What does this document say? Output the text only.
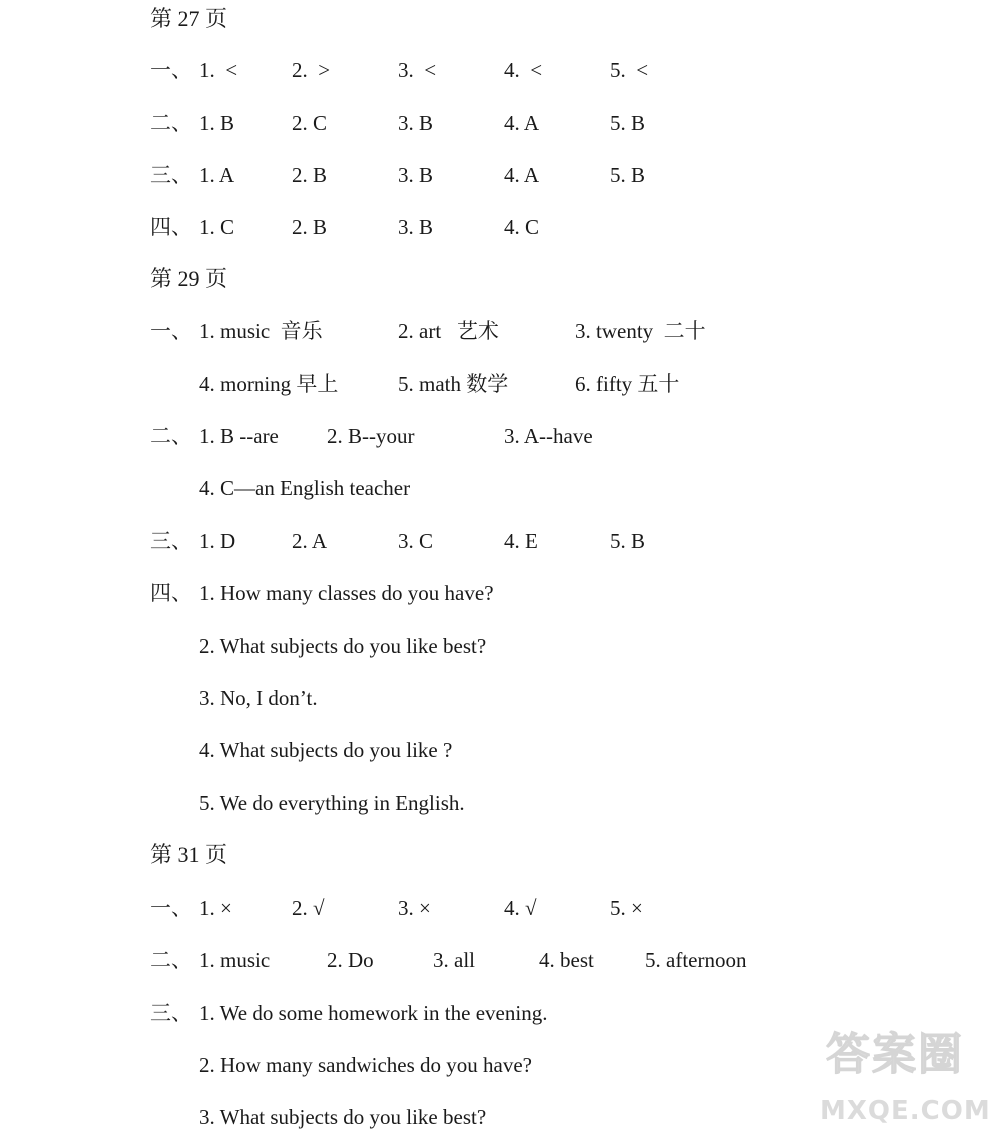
第 27 页
一、 1.  <	2.  >	3.  <	4.  <	5.  <
二、 1. B	2. C	3. B	4. A	5. B
三、 1. A	2. B	3. B	4. A	5. B
四、 1. C	2. B	3. B	4. C
第 29 页
一、 1. music  音乐	2. art   艺术	3. twenty  二十
4. morning 早上	5. math 数学	6. fifty 五十
二、 1. B --are 2. B--your	3. A--have
4. C—an English teacher
三、 1. D	2. A	3. C	4. E	5. B
四、 1. How many classes do you have?
2. What subjects do you like best?
3. No, I don’t.
4. What subjects do you like ?
5. We do everything in English.
第 31 页
一、 1. ×	2. √	3. ×	4. √	5. ×
二、 1. music	2. Do	3. all	4. best 5. afternoon
三、 1. We do some homework in the evening.
2. How many sandwiches do you have?
3. What subjects do you like best?
答案圈
MXQE.COM
